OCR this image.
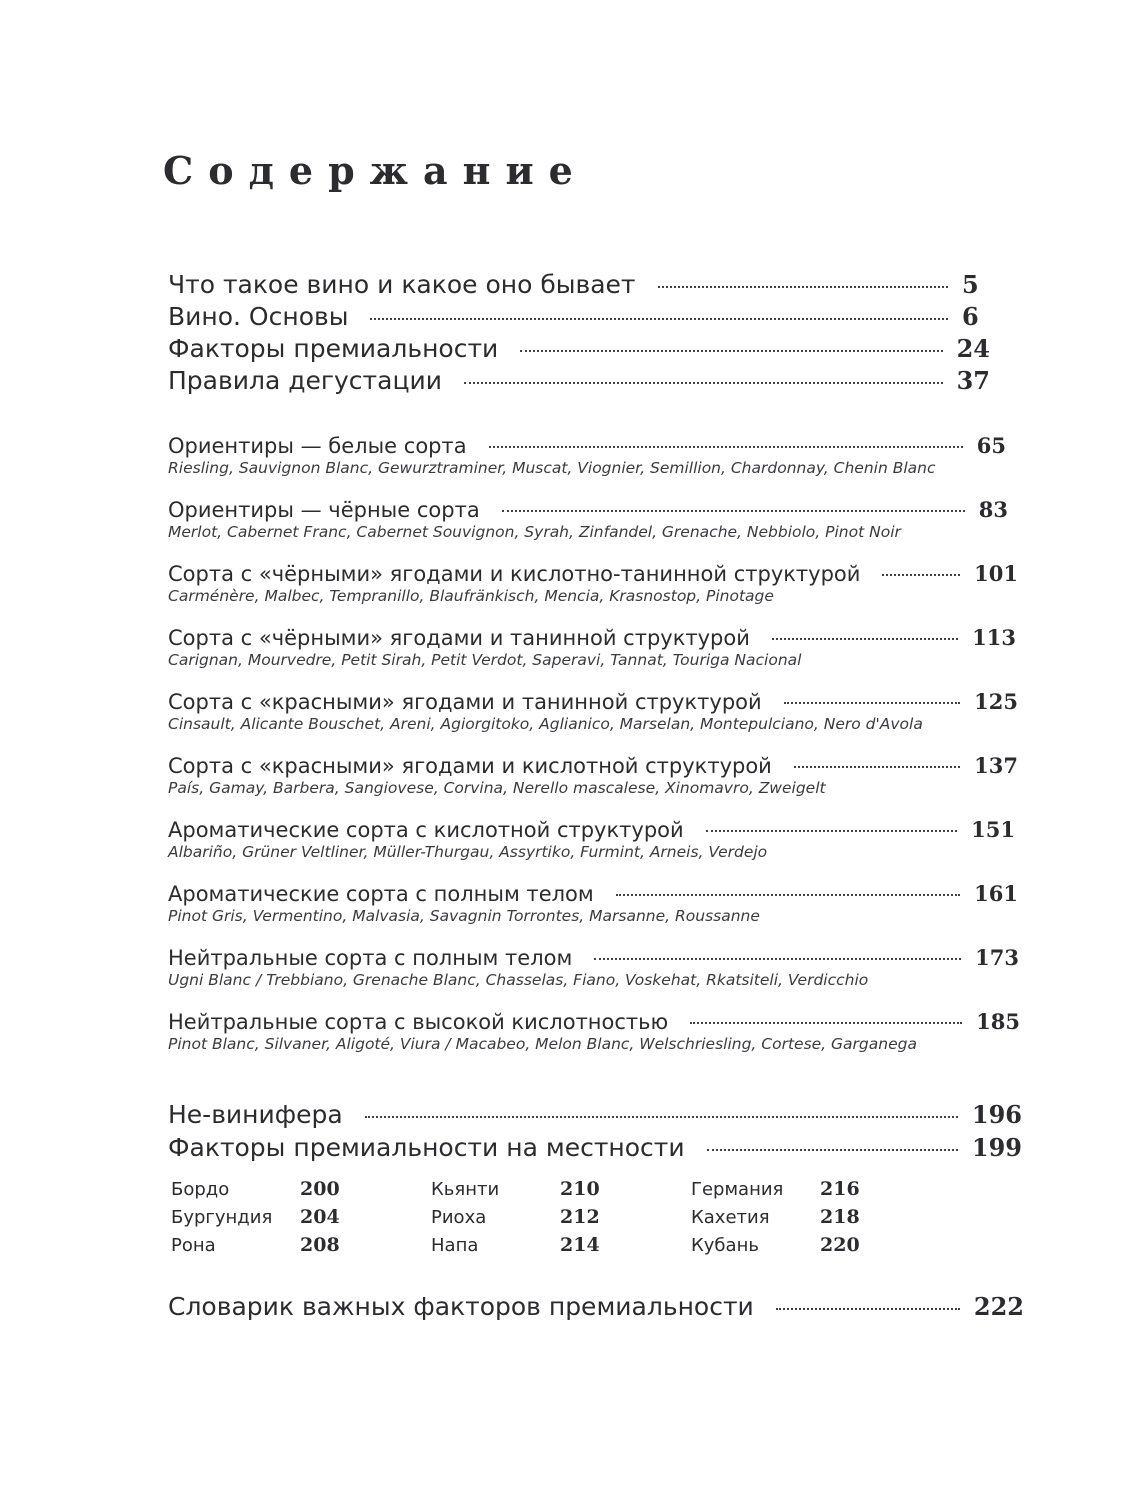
Содержание
Что такое вино и какое оно бывает	5
Вино. Основы	6
Факторы премиальности	24
Правила дегустации	37
Ориентиры — белые сорта	65
Riesling, Sauvignon Blanc, Gewurztraminer, Muscat, Viognier, Semillion, Chardonnay, Chenin Blanc
Ориентиры — чёрные сорта	83
Merlot, Cabernet Franc, Cabernet Souvignon, Syrah, Zinfandel, Grenache, Nebbiolo, Pinot Noir
Сорта с «чёрными» ягодами и кислотно-танинной структурой	101
Carménère, Malbec, Tempranillo, Blaufränkisch, Mencia, Krasnostop, Pinotage
Сорта с «чёрными» ягодами и танинной структурой	113
Carignan, Mourvedre, Petit Sirah, Petit Verdot, Saperavi, Tannat, Touriga Nacional
Сорта с «красными» ягодами и танинной структурой	125
Cinsault, Alicante Bouschet, Areni, Agiorgitoko, Aglianico, Marselan, Montepulciano, Nero d'Avola
Сорта с «красными» ягодами и кислотной структурой	137
País, Gamay, Barbera, Sangiovese, Corvina, Nerello mascalese, Xinomavro, Zweigelt
Ароматические сорта с кислотной структурой	151
Albariño, Grüner Veltliner, Müller-Thurgau, Assyrtiko, Furmint, Arneis, Verdejo
Ароматические сорта с полным телом	161
Pinot Gris, Vermentino, Malvasia, Savagnin Torrontes, Marsanne, Roussanne
Нейтральные сорта с полным телом	173
Ugni Blanc / Trebbiano, Grenache Blanc, Chasselas, Fiano, Voskehat, Rkatsiteli, Verdicchio
Нейтральные сорта с высокой кислотностью	185
Pinot Blanc, Silvaner, Aligoté, Viura / Macabeo, Melon Blanc, Welschriesling, Cortese, Garganega
Не-винифера	196
Факторы премиальности на местности	199
Бордо	200	Кьянти	210	Германия	216
Бургундия	204	Риоха	212	Кахетия	218
Рона	208	Напа	214	Кубань	220
Словарик важных факторов премиальности	222
